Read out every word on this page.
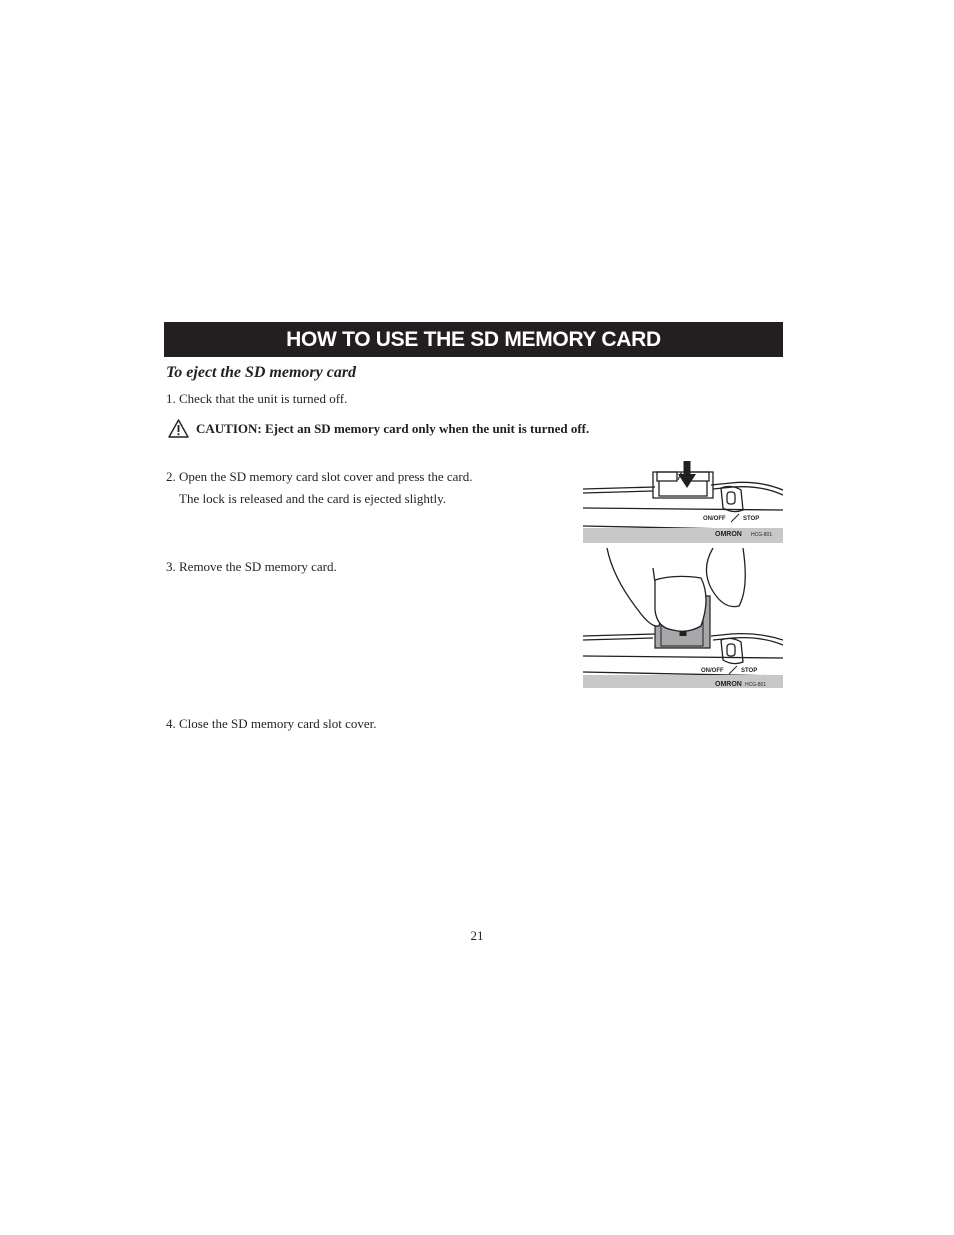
HOW TO USE THE SD MEMORY CARD
To eject the SD memory card
1. Check that the unit is turned off.
CAUTION: Eject an SD memory card only when the unit is turned off.
2. Open the SD memory card slot cover and press the card.
The lock is released and the card is ejected slightly.
3. Remove the SD memory card.
4. Close the SD memory card slot cover.
ON/OFF	STOP
OMRON HCG-801
ON/OFF	STOP
OMRON HCG-801
21
